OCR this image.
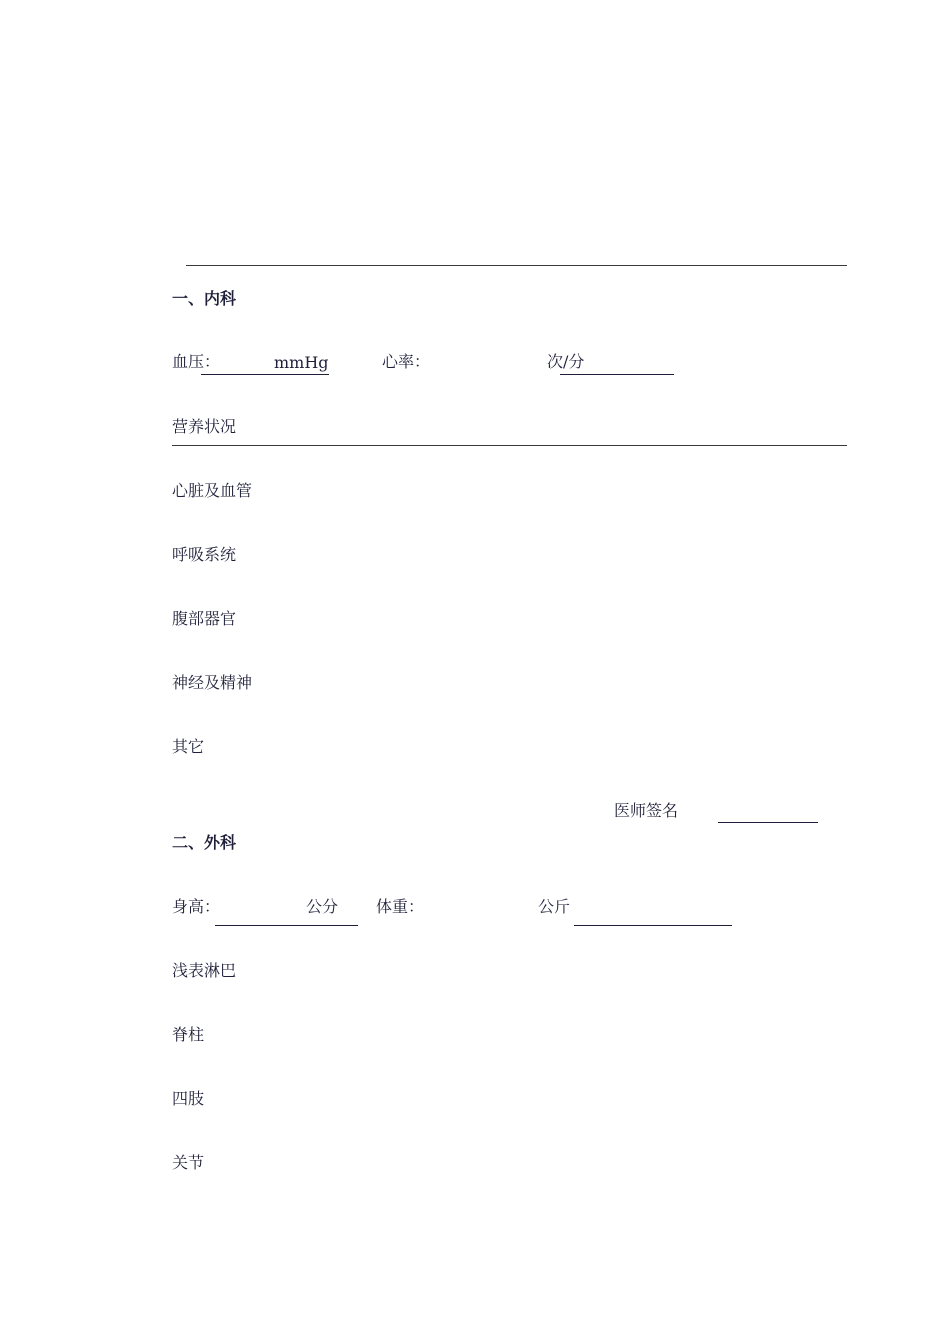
一、内科
血压：	mmHg	心率：	次/分
营养状况
心脏及血管
呼吸系统
腹部器官
神经及精神
其它
医师签名
二、外科
身高：	公分 体重：	公斤
浅表淋巴
脊柱
四肢
关节
